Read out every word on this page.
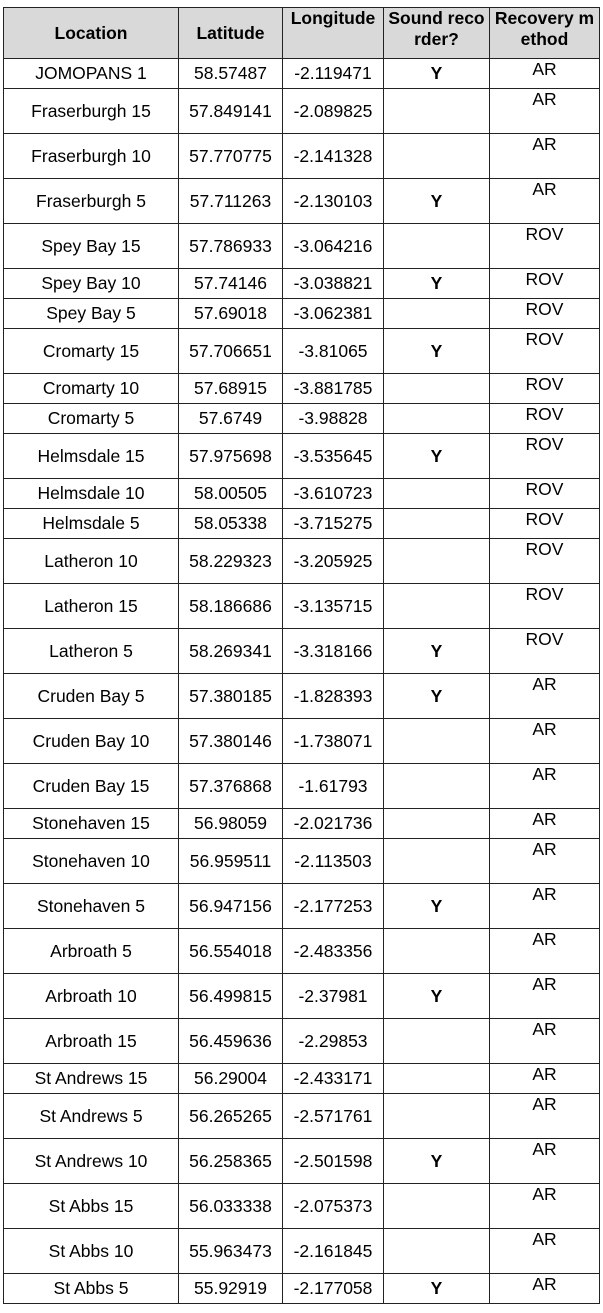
Location	Latitude	Longitude	Sound recorder?	Recovery method
JOMOPANS 1	58.57487	-2.119471	Y	AR
Fraserburgh 15	57.849141	-2.089825		AR
Fraserburgh 10	57.770775	-2.141328		AR
Fraserburgh 5	57.711263	-2.130103	Y	AR
Spey Bay 15	57.786933	-3.064216		ROV
Spey Bay 10	57.74146	-3.038821	Y	ROV
Spey Bay 5	57.69018	-3.062381		ROV
Cromarty 15	57.706651	-3.81065	Y	ROV
Cromarty 10	57.68915	-3.881785		ROV
Cromarty 5	57.6749	-3.98828		ROV
Helmsdale 15	57.975698	-3.535645	Y	ROV
Helmsdale 10	58.00505	-3.610723		ROV
Helmsdale 5	58.05338	-3.715275		ROV
Latheron 10	58.229323	-3.205925		ROV
Latheron 15	58.186686	-3.135715		ROV
Latheron 5	58.269341	-3.318166	Y	ROV
Cruden Bay 5	57.380185	-1.828393	Y	AR
Cruden Bay 10	57.380146	-1.738071		AR
Cruden Bay 15	57.376868	-1.61793		AR
Stonehaven 15	56.98059	-2.021736		AR
Stonehaven 10	56.959511	-2.113503		AR
Stonehaven 5	56.947156	-2.177253	Y	AR
Arbroath 5	56.554018	-2.483356		AR
Arbroath 10	56.499815	-2.37981	Y	AR
Arbroath 15	56.459636	-2.29853		AR
St Andrews 15	56.29004	-2.433171		AR
St Andrews 5	56.265265	-2.571761		AR
St Andrews 10	56.258365	-2.501598	Y	AR
St Abbs 15	56.033338	-2.075373		AR
St Abbs 10	55.963473	-2.161845		AR
St Abbs 5	55.92919	-2.177058	Y	AR
